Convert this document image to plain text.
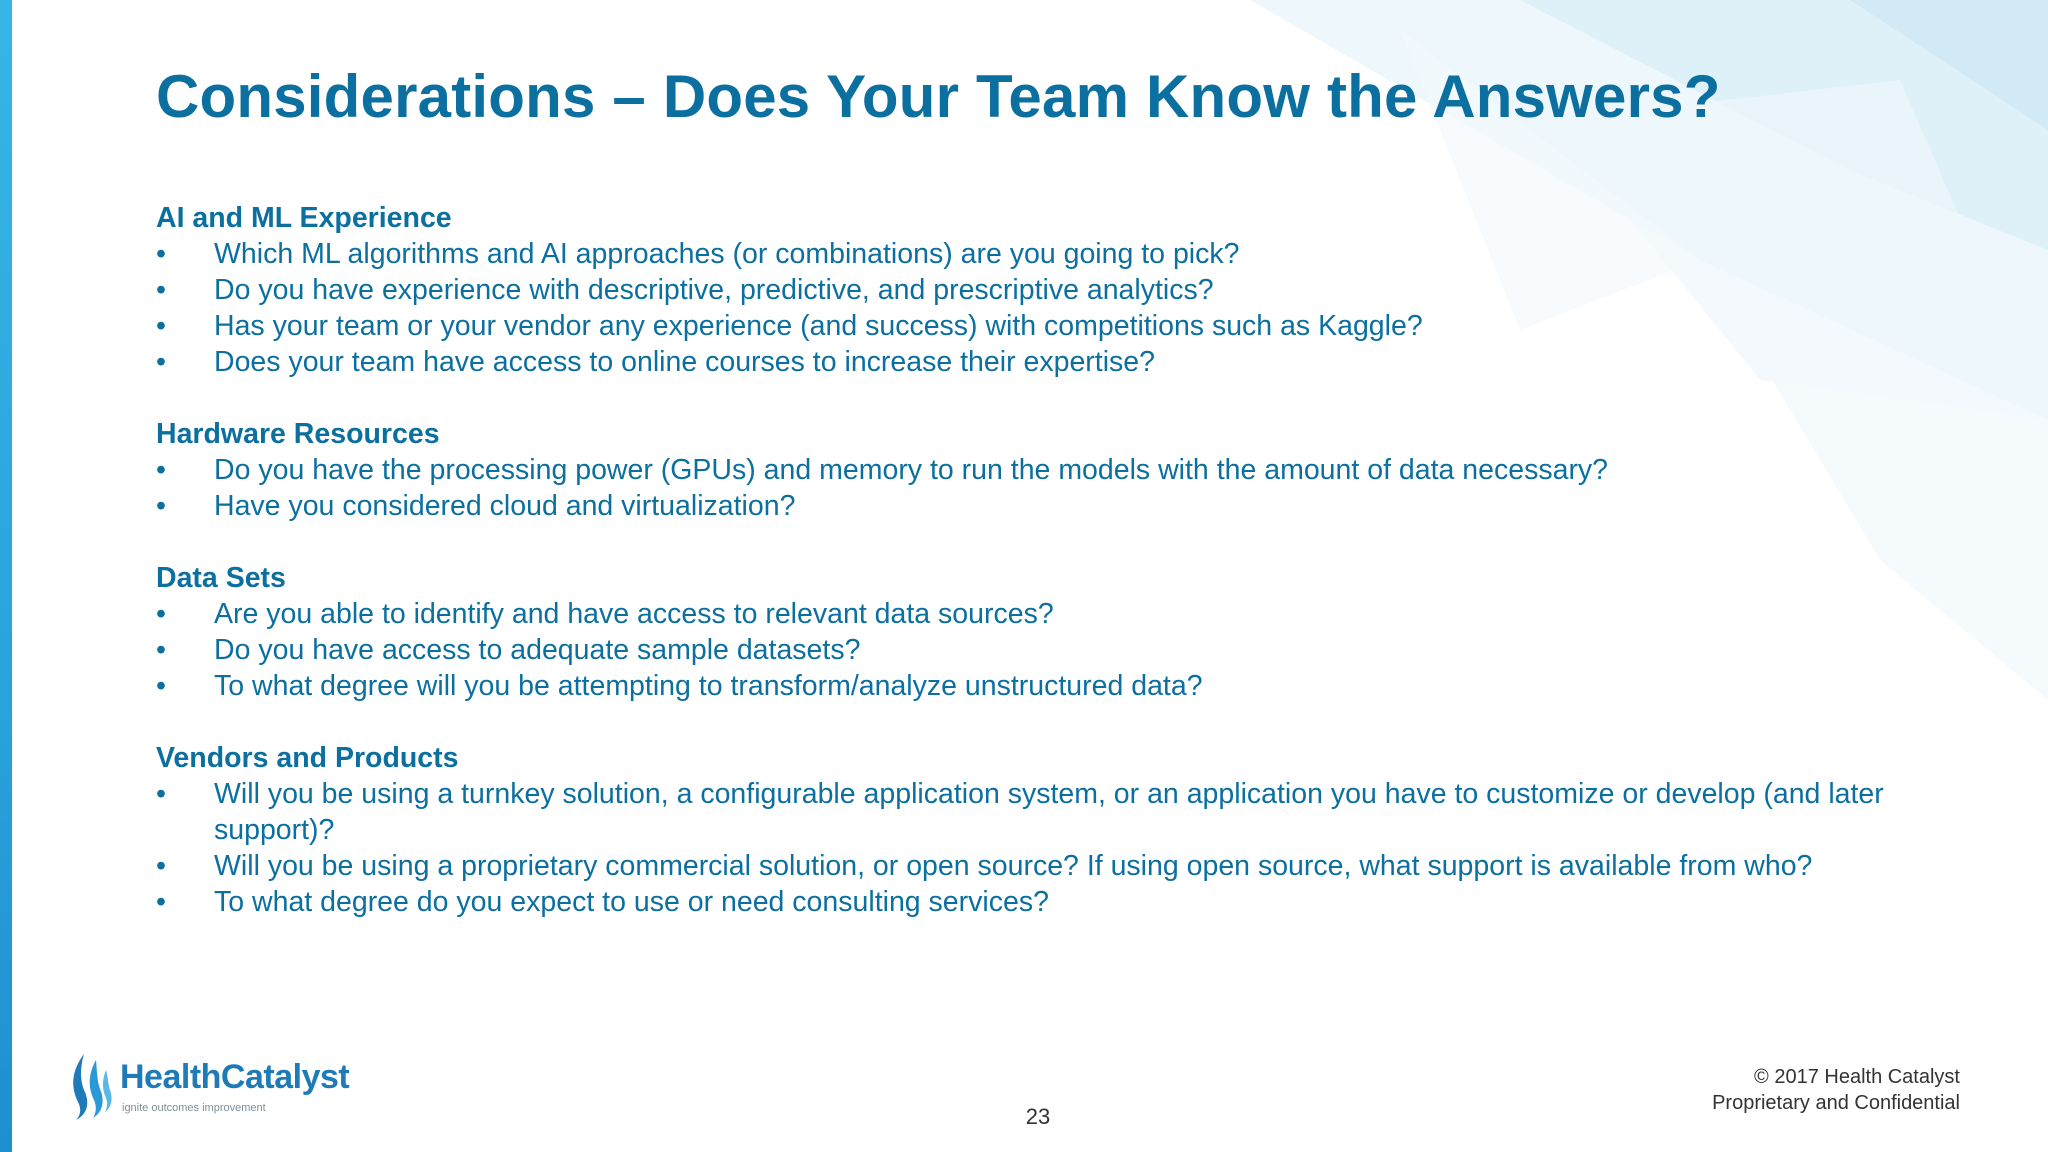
Considerations – Does Your Team Know the Answers?

AI and ML Experience

• Which ML algorithms and AI approaches (or combinations) are you going to pick?
• Do you have experience with descriptive, predictive, and prescriptive analytics?
• Has your team or your vendor any experience (and success) with competitions such as Kaggle?
• Does your team have access to online courses to increase their expertise?

Hardware Resources

• Do you have the processing power (GPUs) and memory to run the models with the amount of data necessary?
• Have you considered cloud and virtualization?

Data Sets

• Are you able to identify and have access to relevant data sources?
• Do you have access to adequate sample datasets?
• To what degree will you be attempting to transform/analyze unstructured data?

Vendors and Products

• Will you be using a turnkey solution, a configurable application system, or an application you have to customize or develop (and later support)?
• Will you be using a proprietary commercial solution, or open source? If using open source, what support is available from who?
• To what degree do you expect to use or need consulting services?
HealthCatalyst
ignite outcomes improvement	23
© 2017 Health Catalyst
Proprietary and Confidential
